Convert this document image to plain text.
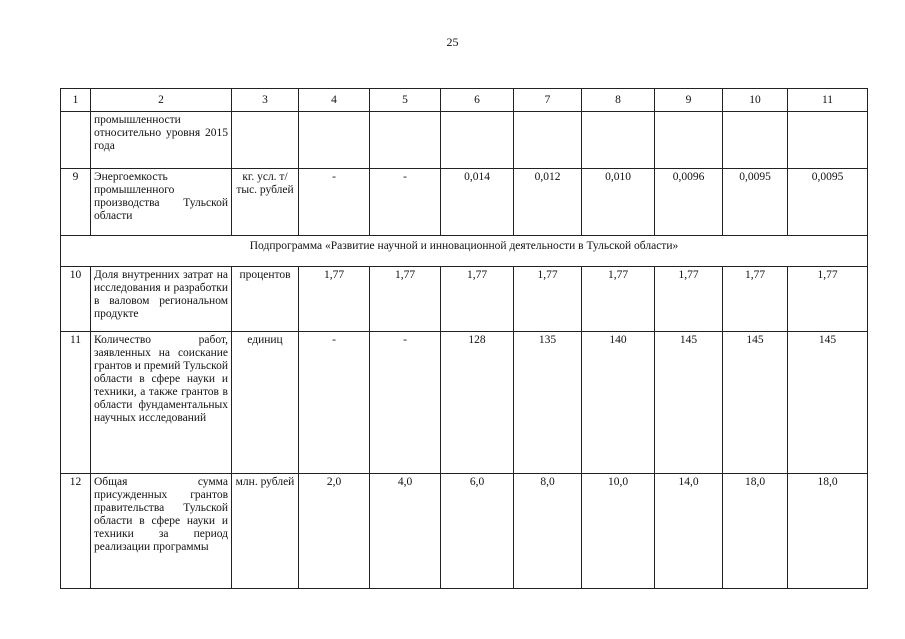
25
1	2	3	4	5	6	7	8	9	10	11
	промышленности относительно уровня 2015 года									
9	Энергоемкость промышленного производства Тульской области	кг. усл. т/ тыс. рублей	-	-	0,014	0,012	0,010	0,0096	0,0095	0,0095
Подпрограмма «Развитие научной и инновационной деятельности в Тульской области»										
10	Доля внутренних затрат на исследования и разработки в валовом региональном продукте	процентов	1,77	1,77	1,77	1,77	1,77	1,77	1,77	1,77
11	Количество работ, заявленных на соискание грантов и премий Тульской области в сфере науки и техники, а также грантов в области фундаментальных научных исследований	единиц	-	-	128	135	140	145	145	145
12	Общая сумма присужденных грантов правительства Тульской области в сфере науки и техники за период реализации программы	млн. рублей	2,0	4,0	6,0	8,0	10,0	14,0	18,0	18,0
